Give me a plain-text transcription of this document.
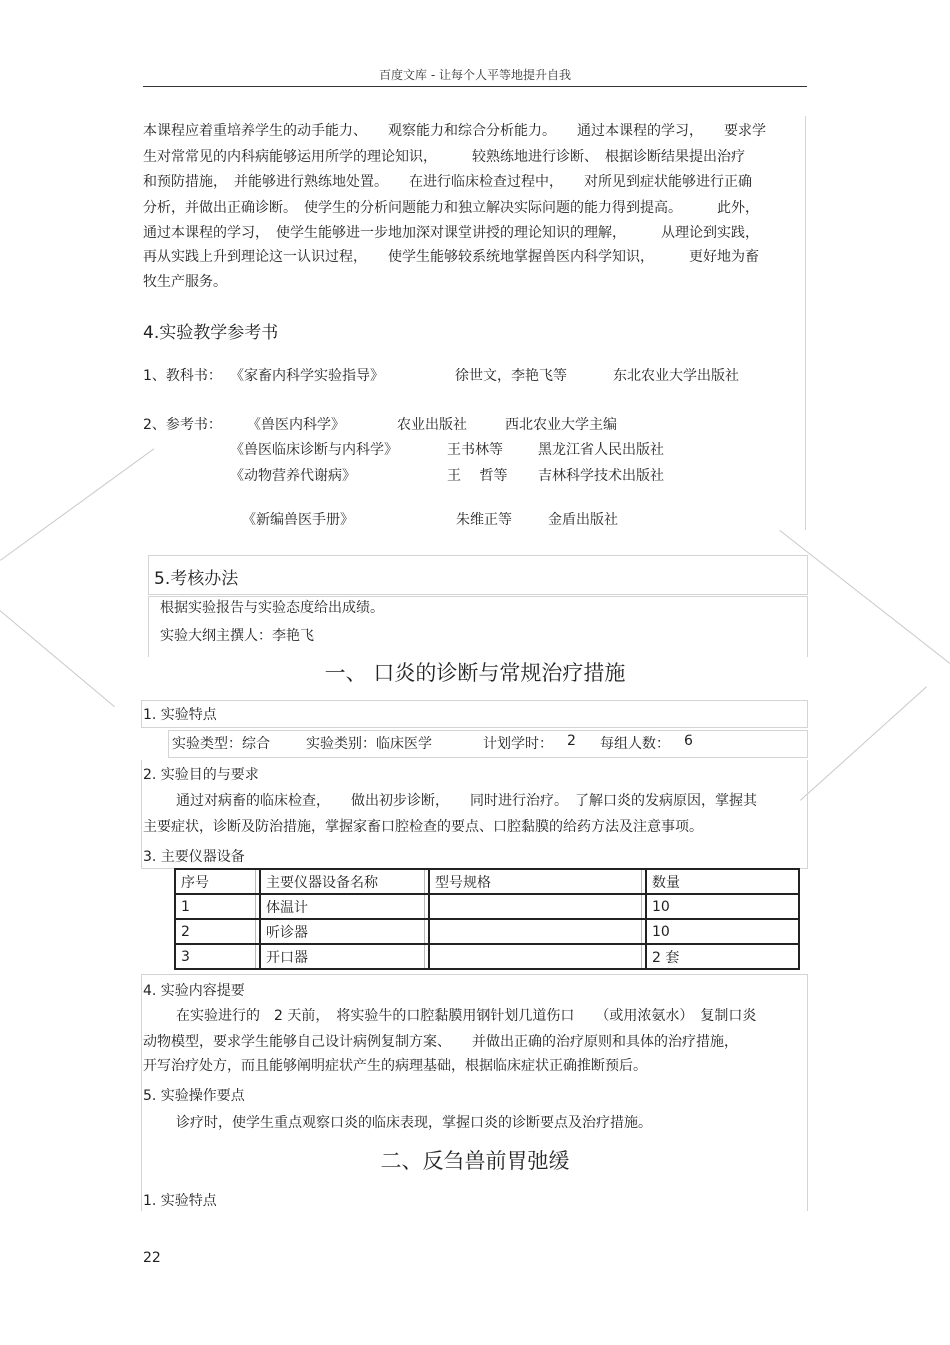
百度文库 - 让每个人平等地提升自我
本课程应着重培养学生的动手能力、　　观察能力和综合分析能力。　　通过本课程的学习，　　要求学
生对常常见的内科病能够运用所学的理论知识，　　　较熟练地进行诊断、　根据诊断结果提出治疗
和预防措施，　并能够进行熟练地处置。　　在进行临床检查过程中，　　对所见到症状能够进行正确
分析，并做出正确诊断。　使学生的分析问题能力和独立解决实际问题的能力得到提高。　　　此外，
通过本课程的学习，　使学生能够进一步地加深对课堂讲授的理论知识的理解，　　　从理论到实践，
再从实践上升到理论这一认识过程，　　使学生能够较系统地掌握兽医内科学知识，　　　更好地为畜
牧生产服务。
4.实验教学参考书
1、教科书： 《家畜内科学实验指导》	徐世文，李艳飞等	东北农业大学出版社
2、参考书： 《兽医内科学》	农业出版社	西北农业大学主编
《兽医临床诊断与内科学》	王书林等	黑龙江省人民出版社
《动物营养代谢病》	王　 哲等 吉林科学技术出版社
《新编兽医手册》	朱维正等	金盾出版社
5.考核办法
根据实验报告与实验态度给出成绩。
实验大纲主撰人：李艳飞
一、 口炎的诊断与常规治疗措施
1. 实验特点
实验类型：综合	实验类别：临床医学	计划学时： 2 每组人数： 6
2. 实验目的与要求
通过对病畜的临床检查，　　做出初步诊断，　　同时进行治疗。　了解口炎的发病原因，掌握其
主要症状，诊断及防治措施，掌握家畜口腔检查的要点、口腔黏膜的给药方法及注意事项。
3. 主要仪器设备
序号	主要仪器设备名称	型号规格	数量
1	体温计		10
2	听诊器		10
3	开口器		2 套
4. 实验内容提要
在实验进行的　2 天前，　将实验牛的口腔黏膜用钢针划几道伤口　　（或用浓氨水）　复制口炎
动物模型，要求学生能够自己设计病例复制方案、　　并做出正确的治疗原则和具体的治疗措施，
开写治疗处方，而且能够阐明症状产生的病理基础，根据临床症状正确推断预后。
5. 实验操作要点
诊疗时，使学生重点观察口炎的临床表现，掌握口炎的诊断要点及治疗措施。
二、反刍兽前胃弛缓
1. 实验特点
22
